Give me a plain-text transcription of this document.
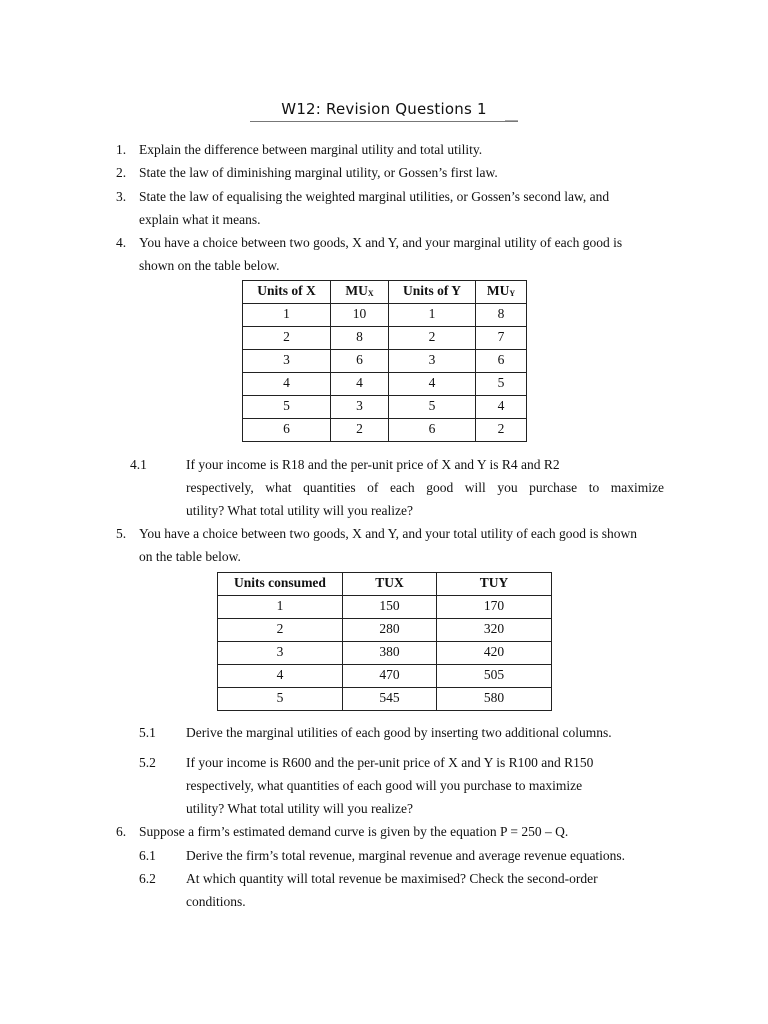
W12: Revision Questions 1
1. Explain the difference between marginal utility and total utility.
2. State the law of diminishing marginal utility, or Gossen’s first law.
3. State the law of equalising the weighted marginal utilities, or Gossen’s second law, and
explain what it means.
4. You have a choice between two goods, X and Y, and your marginal utility of each good is
shown on the table below.
Units of X	$MU_X$	Units of Y	$MU_Y$
1	10	1	8
2	8	2	7
3	6	3	6
4	4	4	5
5	3	5	4
6	2	6	2
4.1	If your income is R18 and the per-unit price of X and Y is R4 and R2
respectively, what quantities of each good will you purchase to maximize
utility? What total utility will you realize?
5. You have a choice between two goods, X and Y, and your total utility of each good is shown
on the table below.
Units consumed	TUX	TUY
1	150	170
2	280	320
3	380	420
4	470	505
5	545	580
5.1 Derive the marginal utilities of each good by inserting two additional columns.
5.2 If your income is R600 and the per-unit price of X and Y is R100 and R150
respectively, what quantities of each good will you purchase to maximize
utility? What total utility will you realize?
6. Suppose a firm’s estimated demand curve is given by the equation P = 250 – Q.
6.1 Derive the firm’s total revenue, marginal revenue and average revenue equations.
6.2 At which quantity will total revenue be maximised? Check the second-order
conditions.
